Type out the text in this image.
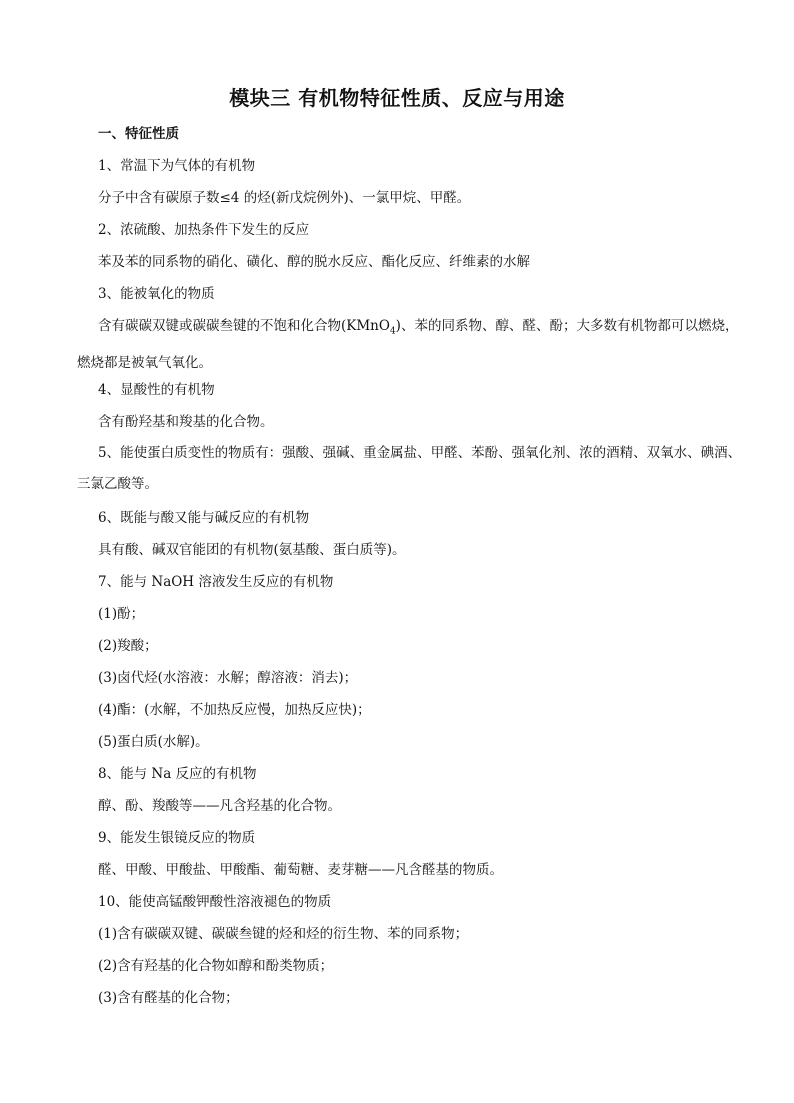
模块三 有机物特征性质、反应与用途
一、特征性质
1、常温下为气体的有机物
分子中含有碳原子数≤4 的烃(新戊烷例外)、一氯甲烷、甲醛。
2、浓硫酸、加热条件下发生的反应
苯及苯的同系物的硝化、磺化、醇的脱水反应、酯化反应、纤维素的水解
3、能被氧化的物质
含有碳碳双键或碳碳叁键的不饱和化合物(KMnO$_4$)、苯的同系物、醇、醛、酚；大多数有机物都可以燃烧，燃烧都是被氧气氧化。
4、显酸性的有机物
含有酚羟基和羧基的化合物。
5、能使蛋白质变性的物质有：强酸、强碱、重金属盐、甲醛、苯酚、强氧化剂、浓的酒精、双氧水、碘酒、三氯乙酸等。
6、既能与酸又能与碱反应的有机物
具有酸、碱双官能团的有机物(氨基酸、蛋白质等)。
7、能与 NaOH 溶液发生反应的有机物
(1)酚；
(2)羧酸；
(3)卤代烃(水溶液：水解；醇溶液：消去)；
(4)酯：(水解，不加热反应慢，加热反应快)；
(5)蛋白质(水解)。
8、能与 Na 反应的有机物
醇、酚、羧酸等——凡含羟基的化合物。
9、能发生银镜反应的物质
醛、甲酸、甲酸盐、甲酸酯、葡萄糖、麦芽糖——凡含醛基的物质。
10、能使高锰酸钾酸性溶液褪色的物质
(1)含有碳碳双键、碳碳叁键的烃和烃的衍生物、苯的同系物；
(2)含有羟基的化合物如醇和酚类物质；
(3)含有醛基的化合物；
